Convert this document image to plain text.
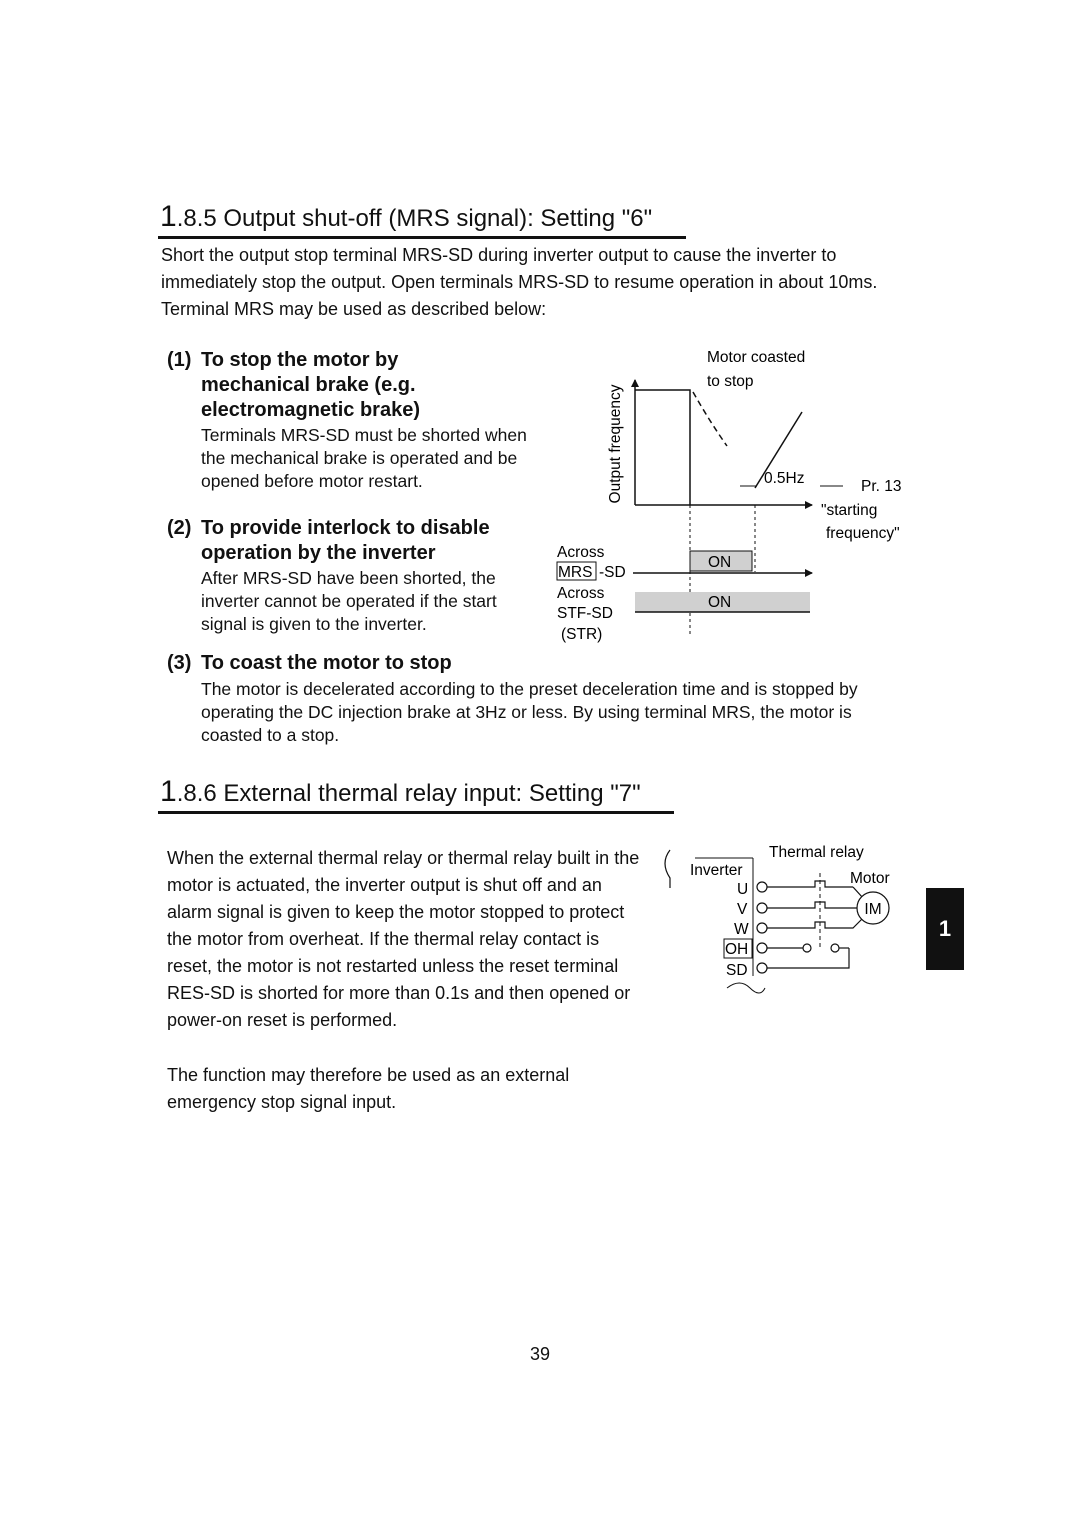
1.8.5 Output shut-off (MRS signal): Setting "6"
Short the output stop terminal MRS-SD during inverter output to cause the inverter to immediately stop the output. Open terminals MRS-SD to resume operation in about 10ms. Terminal MRS may be used as described below:
(1) To stop the motor by mechanical brake (e.g. electromagnetic brake)
Terminals MRS-SD must be shorted when the mechanical brake is operated and be opened before motor restart.
(2) To provide interlock to disable operation by the inverter
After MRS-SD have been shorted, the inverter cannot be operated if the start signal is given to the inverter.
(3) To coast the motor to stop
The motor is decelerated according to the preset deceleration time and is stopped by operating the DC injection brake at 3Hz or less. By using terminal MRS, the motor is coasted to a stop.
Output frequency
Motor coasted
to stop
0.5Hz	Pr. 13
"starting
frequency"
Across
MRS -SD
Across
STF-SD
(STR)
ON
ON
1.8.6 External thermal relay input: Setting "7"
When the external thermal relay or thermal relay built in the motor is actuated, the inverter output is shut off and an alarm signal is given to keep the motor stopped to protect the motor from overheat. If the thermal relay contact is reset, the motor is not restarted unless the reset terminal RES-SD is shorted for more than 0.1s and then opened or power-on reset is performed.
The function may therefore be used as an external emergency stop signal input.
Thermal relay
Inverter	Motor
IM
U
V
W
OH
SD
1
39
